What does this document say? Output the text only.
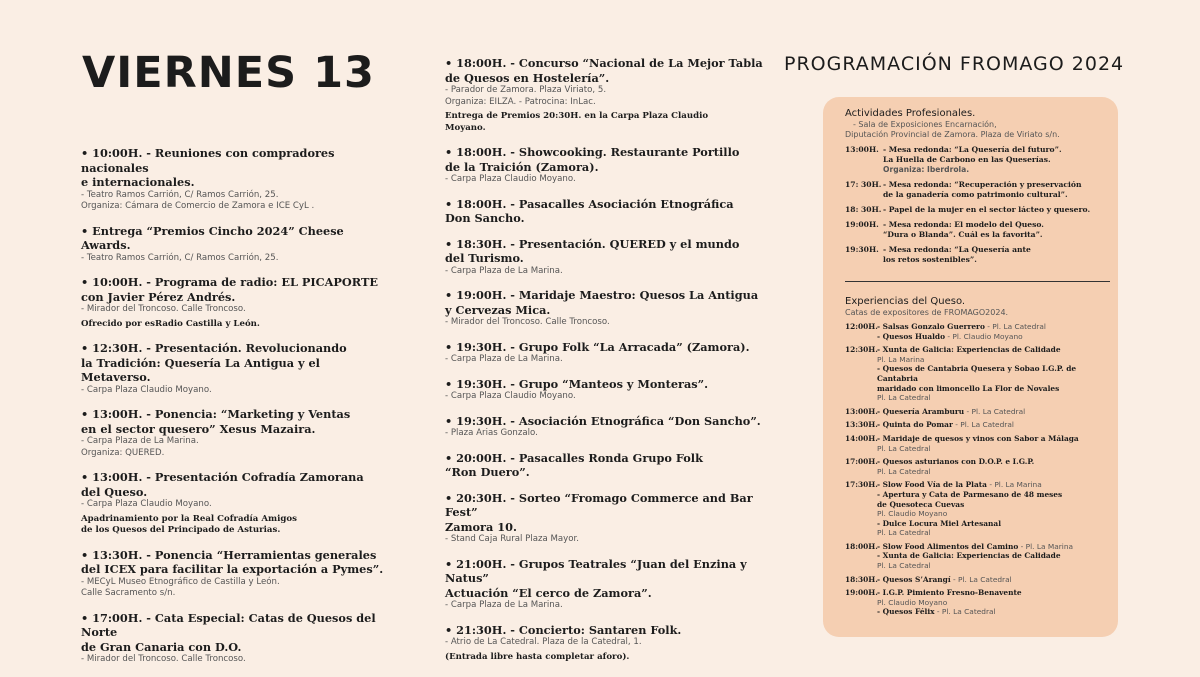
VIERNES 13	PROGRAMACIÓN FROMAGO 2024
• 10:00H. - Reuniones con compradores nacionales
e internacionales.
- Teatro Ramos Carrión, C/ Ramos Carrión, 25.
Organiza: Cámara de Comercio de Zamora e ICE CyL .
• Entrega “Premios Cincho 2024” Cheese Awards.
- Teatro Ramos Carrión, C/ Ramos Carrión, 25.
• 10:00H. - Programa de radio: EL PICAPORTE
con Javier Pérez Andrés.
- Mirador del Troncoso. Calle Troncoso.
Ofrecido por esRadio Castilla y León.
• 12:30H. - Presentación. Revolucionando
la Tradición: Quesería La Antigua y el Metaverso.
- Carpa Plaza Claudio Moyano.
• 13:00H. - Ponencia: “Marketing y Ventas
en el sector quesero” Xesus Mazaira.
- Carpa Plaza de La Marina.
Organiza: QUERED.
• 13:00H. - Presentación Cofradía Zamorana
del Queso.
- Carpa Plaza Claudio Moyano.
Apadrinamiento por la Real Cofradía Amigos
de los Quesos del Principado de Asturias.
• 13:30H. - Ponencia “Herramientas generales
del ICEX para facilitar la exportación a Pymes”.
- MECyL Museo Etnográfico de Castilla y León.
Calle Sacramento s/n.
• 17:00H. - Cata Especial: Catas de Quesos del Norte
de Gran Canaria con D.O.
- Mirador del Troncoso. Calle Troncoso.
• 18:00H. - Concurso “Nacional de La Mejor Tabla
de Quesos en Hostelería”.
- Parador de Zamora. Plaza Viriato, 5.
Organiza: EILZA. - Patrocina: InLac.
Entrega de Premios 20:30H. en la Carpa Plaza Claudio
Moyano.
• 18:00H. - Showcooking. Restaurante Portillo
de la Traición (Zamora).
- Carpa Plaza Claudio Moyano.
• 18:00H. - Pasacalles Asociación Etnográfica
Don Sancho.
• 18:30H. - Presentación. QUERED y el mundo
del Turismo.
- Carpa Plaza de La Marina.
• 19:00H. - Maridaje Maestro: Quesos La Antigua
y Cervezas Mica.
- Mirador del Troncoso. Calle Troncoso.
• 19:30H. - Grupo Folk “La Arracada” (Zamora).
- Carpa Plaza de La Marina.
• 19:30H. - Grupo “Manteos y Monteras”.
- Carpa Plaza Claudio Moyano.
• 19:30H. - Asociación Etnográfica “Don Sancho”.
- Plaza Arias Gonzalo.
• 20:00H. - Pasacalles Ronda Grupo Folk
“Ron Duero”.
• 20:30H. - Sorteo “Fromago Commerce and Bar Fest”
Zamora 10.
- Stand Caja Rural Plaza Mayor.
• 21:00H. - Grupos Teatrales “Juan del Enzina y Natus”
Actuación “El cerco de Zamora”.
- Carpa Plaza de La Marina.
• 21:30H. - Concierto: Santaren Folk.
- Atrio de La Catedral. Plaza de la Catedral, 1.
(Entrada libre hasta completar aforo).
Actividades Profesionales.
- Sala de Exposiciones Encarnación,
Diputación Provincial de Zamora. Plaza de Viriato s/n.
13:00H. - Mesa redonda: “La Quesería del futuro”.
La Huella de Carbono en las Queserías.
Organiza: Iberdrola.
17: 30H. - Mesa redonda: “Recuperación y preservación
de la ganadería como patrimonio cultural”.
18: 30H. - Papel de la mujer en el sector lácteo y quesero.
19:00H. - Mesa redonda: El modelo del Queso.
“Dura o Blanda”. Cuál es la favorita”.
19:30H. - Mesa redonda: “La Quesería ante
los retos sostenibles”.
Experiencias del Queso.
Catas de expositores de FROMAGO2024.
12:00H. - Salsas Gonzalo Guerrero - Pl. La Catedral
- Quesos Hualdo - Pl. Claudio Moyano
12:30H. - Xunta de Galicia: Experiencias de Calidade
Pl. La Marina
- Quesos de Cantabria Quesera y Sobao I.G.P. de Cantabria
maridado con limoncello La Flor de Novales
Pl. La Catedral
13:00H. - Quesería Aramburu - Pl. La Catedral
13:30H. - Quinta do Pomar - Pl. La Catedral
14:00H. - Maridaje de quesos y vinos con Sabor a Málaga
Pl. La Catedral
17:00H. - Quesos asturianos con D.O.P. e I.G.P.
Pl. La Catedral
17:30H. - Slow Food Vía de la Plata - Pl. La Marina
- Apertura y Cata de Parmesano de 48 meses
de Quesoteca Cuevas
Pl. Claudio Moyano
- Dulce Locura Miel Artesanal
Pl. La Catedral
18:00H. - Slow Food Alimentos del Camino - Pl. La Marina
- Xunta de Galicia: Experiencias de Calidade
Pl. La Catedral
18:30H. - Quesos S’Arangí - Pl. La Catedral
19:00H. - I.G.P. Pimiento Fresno-Benavente
Pl. Claudio Moyano
- Quesos Félix - Pl. La Catedral
